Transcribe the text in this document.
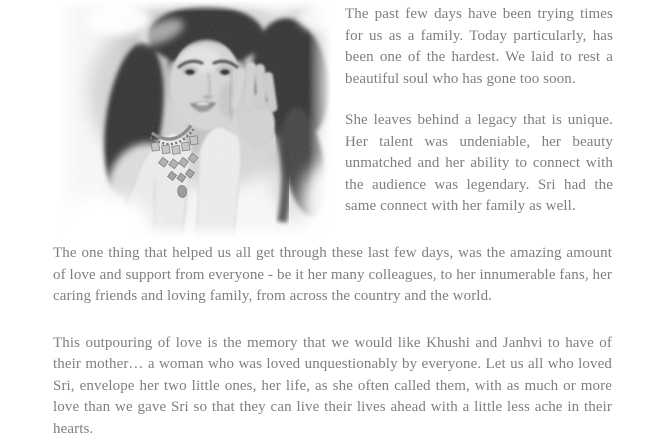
The past few days have been trying times for us as a family. Today particularly, has been one of the hardest. We laid to rest a beautiful soul who has gone too soon.

She leaves behind a legacy that is unique. Her talent was undeniable, her beauty unmatched and her ability to connect with the audience was legendary. Sri had the same connect with her family as well.

The one thing that helped us all get through these last few days, was the amazing amount of love and support from everyone - be it her many colleagues, to her innumerable fans, her caring friends and loving family, from across the country and the world.

This outpouring of love is the memory that we would like Khushi and Janhvi to have of their mother… a woman who was loved unquestionably by everyone. Let us all who loved Sri, envelope her two little ones, her life, as she often called them, with as much or more love than we gave Sri so that they can live their lives ahead with a little less ache in their hearts.
